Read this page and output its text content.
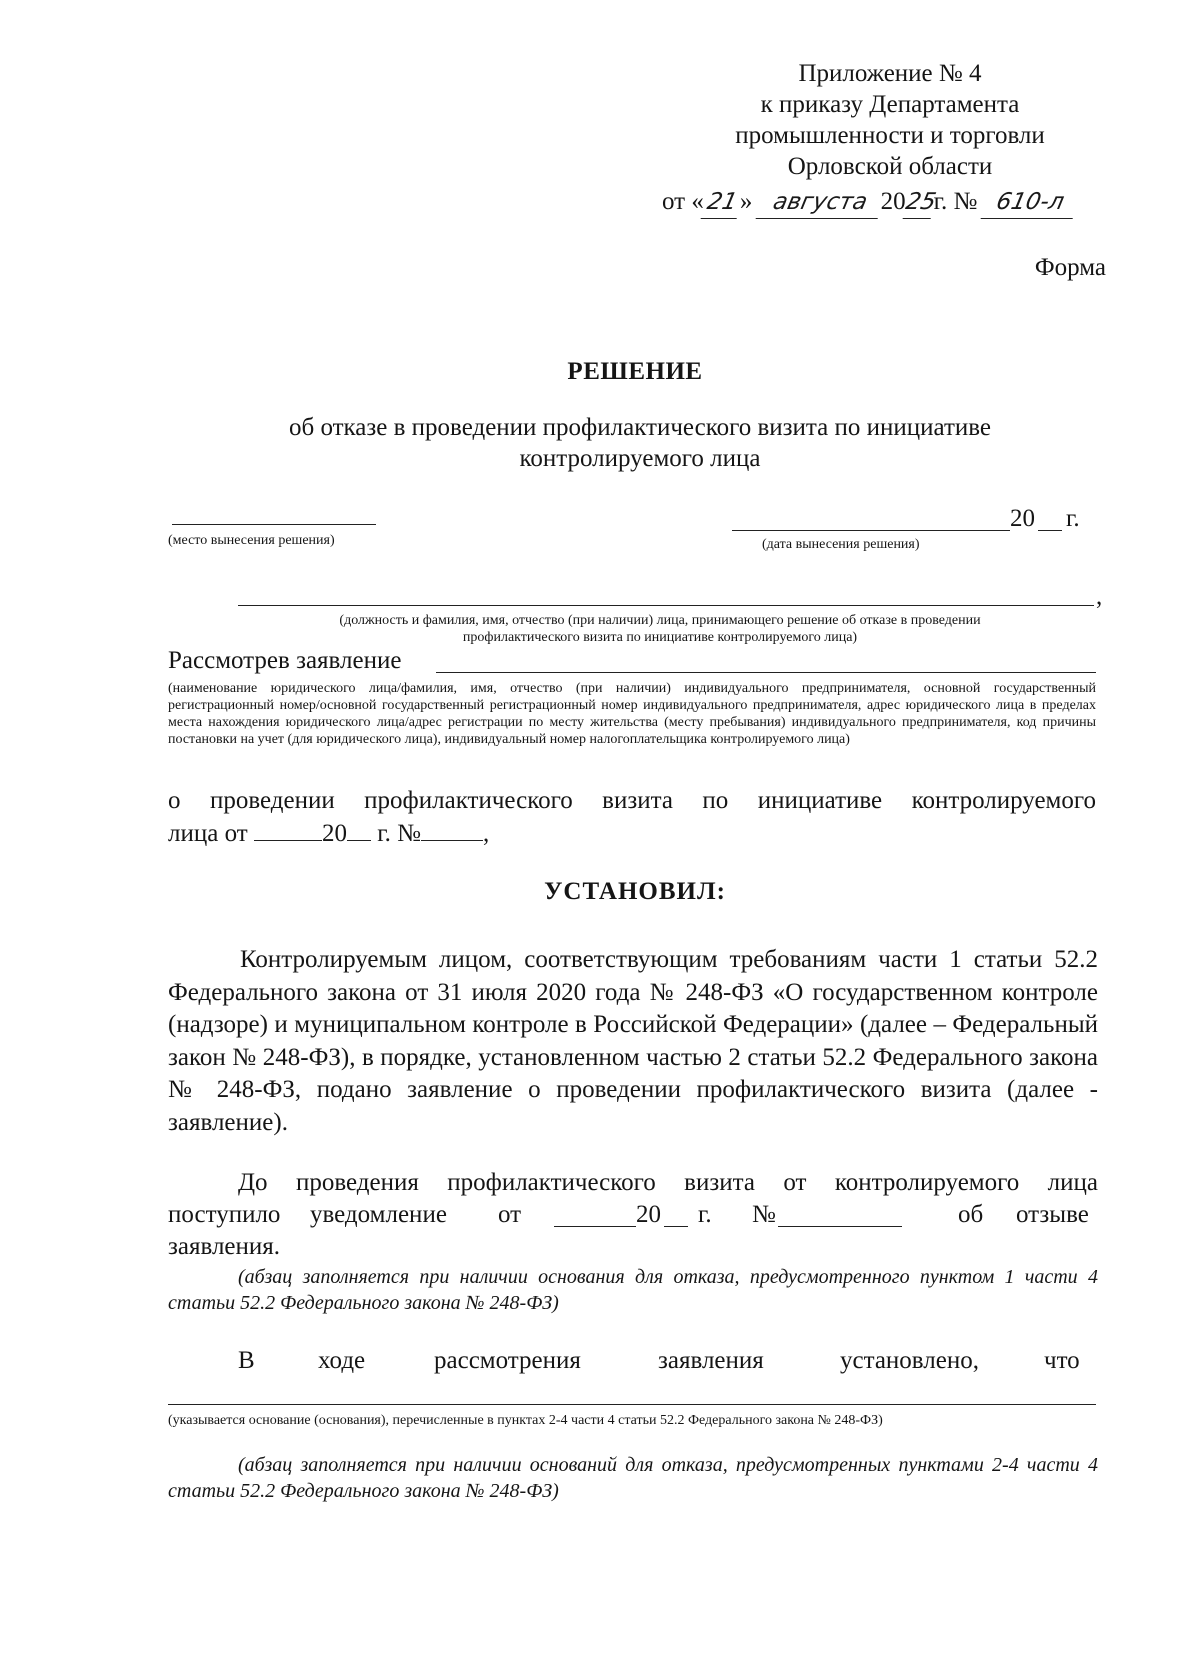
Приложение № 4
к приказу Департамента
промышленности и торговли
Орловской области
от «21» августа 2025г. № 610-л
Форма
РЕШЕНИЕ
об отказе в проведении профилактического визита по инициативе
контролируемого лица
(место вынесения решения)
20 г.
(дата вынесения решения)
,
(должность и фамилия, имя, отчество (при наличии) лица, принимающего решение об отказе в проведении
профилактического визита по инициативе контролируемого лица)
Рассмотрев заявление
(наименование юридического лица/фамилия, имя, отчество (при наличии) индивидуального предпринимателя, основной государственный регистрационный номер/основной государственный регистрационный номер индивидуального предпринимателя, адрес юридического лица в пределах места нахождения юридического лица/адрес регистрации по месту жительства (месту пребывания) индивидуального предпринимателя, код причины постановки на учет (для юридического лица), индивидуальный номер налогоплательщика контролируемого лица)
о проведении профилактического визита по инициативе контролируемого
лица от	20 г. № ,
УСТАНОВИЛ:
Контролируемым лицом, соответствующим требованиям части 1 статьи 52.2 Федерального закона от 31 июля 2020 года № 248-ФЗ «О государственном контроле (надзоре) и муниципальном контроле в Российской Федерации» (далее – Федеральный закон № 248-ФЗ), в порядке, установленном частью 2 статьи 52.2 Федерального закона № 248-ФЗ, подано заявление о проведении профилактического визита (далее - заявление).
До проведения профилактического визита от контролируемого лица
поступило уведомление от	20 г. №	об отзыве
заявления.
(абзац заполняется при наличии основания для отказа, предусмотренного пунктом 1 части 4 статьи 52.2 Федерального закона № 248-ФЗ)
В	ходе	рассмотрения	заявления	установлено,	что
(указывается основание (основания), перечисленные в пунктах 2-4 части 4 статьи 52.2 Федерального закона № 248-ФЗ)
(абзац заполняется при наличии оснований для отказа, предусмотренных пунктами 2-4 части 4 статьи 52.2 Федерального закона № 248-ФЗ)
